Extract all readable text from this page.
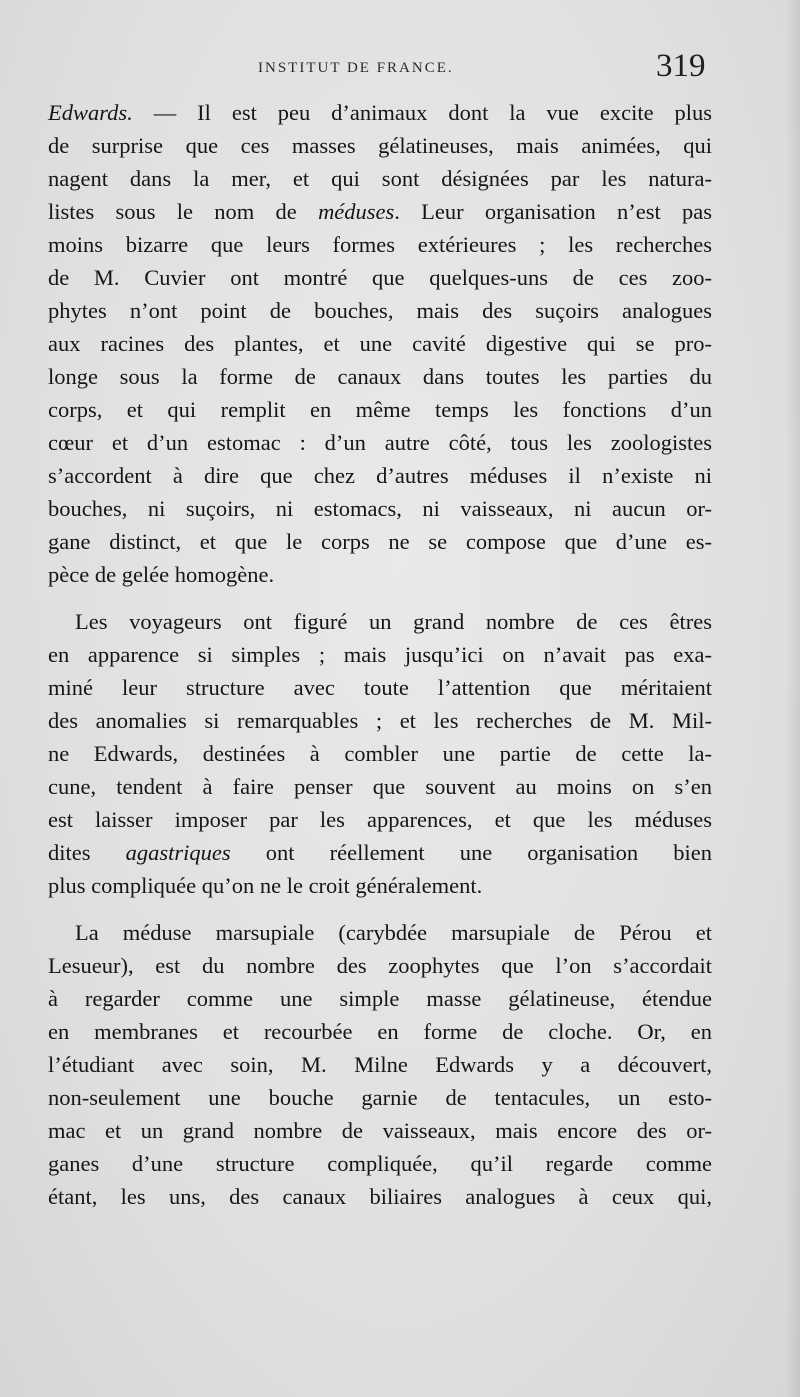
INSTITUT DE FRANCE.	319
Edwards. — Il est peu d’animaux dont la vue excite plus
de surprise que ces masses gélatineuses, mais animées, qui
nagent dans la mer, et qui sont désignées par les natura-
listes sous le nom de méduses. Leur organisation n’est pas
moins bizarre que leurs formes extérieures ; les recherches
de M. Cuvier ont montré que quelques-uns de ces zoo-
phytes n’ont point de bouches, mais des suçoirs analogues
aux racines des plantes, et une cavité digestive qui se pro-
longe sous la forme de canaux dans toutes les parties du
corps, et qui remplit en même temps les fonctions d’un
cœur et d’un estomac : d’un autre côté, tous les zoologistes
s’accordent à dire que chez d’autres méduses il n’existe ni
bouches, ni suçoirs, ni estomacs, ni vaisseaux, ni aucun or-
gane distinct, et que le corps ne se compose que d’une es-
pèce de gelée homogène.
Les voyageurs ont figuré un grand nombre de ces êtres
en apparence si simples ; mais jusqu’ici on n’avait pas exa-
miné leur structure avec toute l’attention que méritaient
des anomalies si remarquables ; et les recherches de M. Mil-
ne Edwards, destinées à combler une partie de cette la-
cune, tendent à faire penser que souvent au moins on s’en
est laisser imposer par les apparences, et que les méduses
dites agastriques ont réellement une organisation bien
plus compliquée qu’on ne le croit généralement.
La méduse marsupiale (carybdée marsupiale de Pérou et
Lesueur), est du nombre des zoophytes que l’on s’accordait
à regarder comme une simple masse gélatineuse, étendue
en membranes et recourbée en forme de cloche. Or, en
l’étudiant avec soin, M. Milne Edwards y a découvert,
non-seulement une bouche garnie de tentacules, un esto-
mac et un grand nombre de vaisseaux, mais encore des or-
ganes d’une structure compliquée, qu’il regarde comme
étant, les uns, des canaux biliaires analogues à ceux qui,
